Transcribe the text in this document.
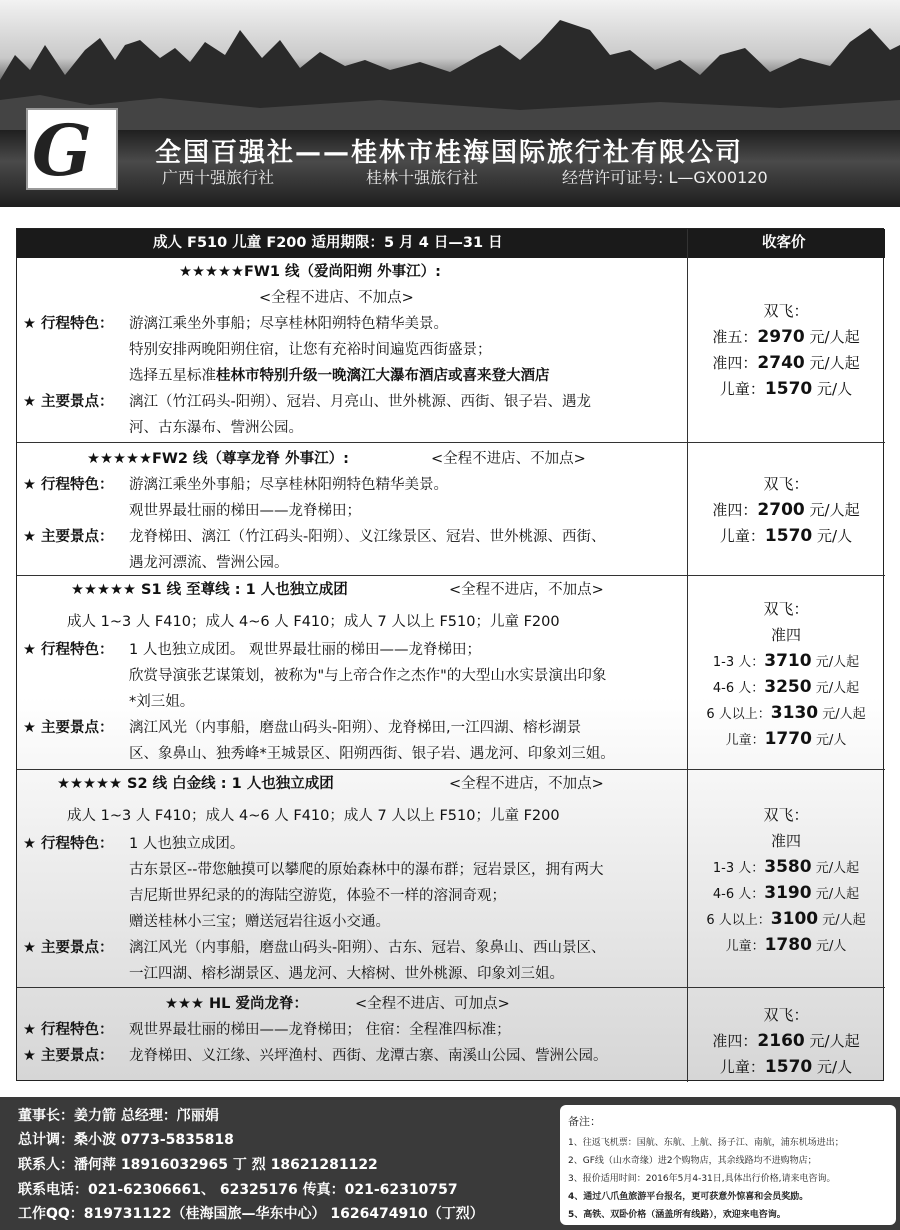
G 全国百强社——桂林市桂海国际旅行社有限公司
广西十强旅行社	桂林十强旅行社	经营许可证号: L—GX00120
成人 F510 儿童 F200 适用期限：5 月 4 日—31 日	收客价
★★★★★FW1 线（爱尚阳朔 外事江）:
<全程不进店、不加点>
★ 行程特色： 游漓江乘坐外事船；尽享桂林阳朔特色精华美景。
特别安排两晚阳朔住宿，让您有充裕时间遍览西街盛景；
选择五星标准桂林市特别升级一晚漓江大瀑布酒店或喜来登大酒店
★ 主要景点： 漓江（竹江码头-阳朔）、冠岩、月亮山、世外桃源、西街、银子岩、遇龙
河、古东瀑布、訾洲公园。
双飞：
准五：2970 元/人起
准四：2740 元/人起
儿童：1570 元/人
★★★★★FW2 线（尊享龙脊 外事江）:	<全程不进店、不加点>
★ 行程特色： 游漓江乘坐外事船；尽享桂林阳朔特色精华美景。
观世界最壮丽的梯田——龙脊梯田；
★ 主要景点： 龙脊梯田、漓江（竹江码头-阳朔）、义江缘景区、冠岩、世外桃源、西街、
遇龙河漂流、訾洲公园。
双飞：
准四：2700 元/人起
儿童：1570 元/人
★★★★★ S1 线 至尊线 : 1 人也独立成团	<全程不进店，不加点>
成人 1~3 人 F410；成人 4~6 人 F410；成人 7 人以上 F510；儿童 F200
★ 行程特色： 1 人也独立成团。 观世界最壮丽的梯田——龙脊梯田；
欣赏导演张艺谋策划，被称为"与上帝合作之杰作"的大型山水实景演出印象
*刘三姐。
★ 主要景点： 漓江风光（内事船，磨盘山码头-阳朔）、龙脊梯田,一江四湖、榕杉湖景
区、象鼻山、独秀峰*王城景区、阳朔西街、银子岩、遇龙河、印象刘三姐。
双飞：
准四
1-3 人：3710 元/人起
4-6 人：3250 元/人起
6 人以上：3130 元/人起
儿童：1770 元/人
★★★★★ S2 线 白金线 : 1 人也独立成团	<全程不进店，不加点>
成人 1~3 人 F410；成人 4~6 人 F410；成人 7 人以上 F510；儿童 F200
★ 行程特色： 1 人也独立成团。
古东景区--带您触摸可以攀爬的原始森林中的瀑布群；冠岩景区，拥有两大
吉尼斯世界纪录的的海陆空游览，体验不一样的溶洞奇观；
赠送桂林小三宝；赠送冠岩往返小交通。
★ 主要景点： 漓江风光（内事船，磨盘山码头-阳朔）、古东、冠岩、象鼻山、西山景区、
一江四湖、榕杉湖景区、遇龙河、大榕树、世外桃源、印象刘三姐。
双飞：
准四
1-3 人：3580 元/人起
4-6 人：3190 元/人起
6 人以上：3100 元/人起
儿童：1780 元/人
★★★ HL 爱尚龙脊：	<全程不进店、可加点>
★ 行程特色： 观世界最壮丽的梯田——龙脊梯田； 住宿：全程准四标准；
★ 主要景点： 龙脊梯田、义江缘、兴坪渔村、西街、龙潭古寨、南溪山公园、訾洲公园。
双飞：
准四：2160 元/人起
儿童：1570 元/人
董事长：姜力箭 总经理：邝丽娟
总计调：桑小波 0773-5835818
联系人：潘何萍 18916032965 丁 烈 18621281122
联系电话：021-62306661、 62325176 传真：021-62310757
工作QQ：819731122（桂海国旅—华东中心） 1626474910（丁烈）
备注：
1、往返飞机票：国航、东航、上航、扬子江、南航，浦东机场进出；
2、GF线（山水奇缘）进2个购物店，其余线路均不进购物店；
3、报价适用时间：2016年5月4-31日,具体出行价格,请来电咨询。
4、通过八爪鱼旅游平台报名，更可获意外惊喜和会员奖励。
5、高铁、双卧价格（涵盖所有线路），欢迎来电咨询。
